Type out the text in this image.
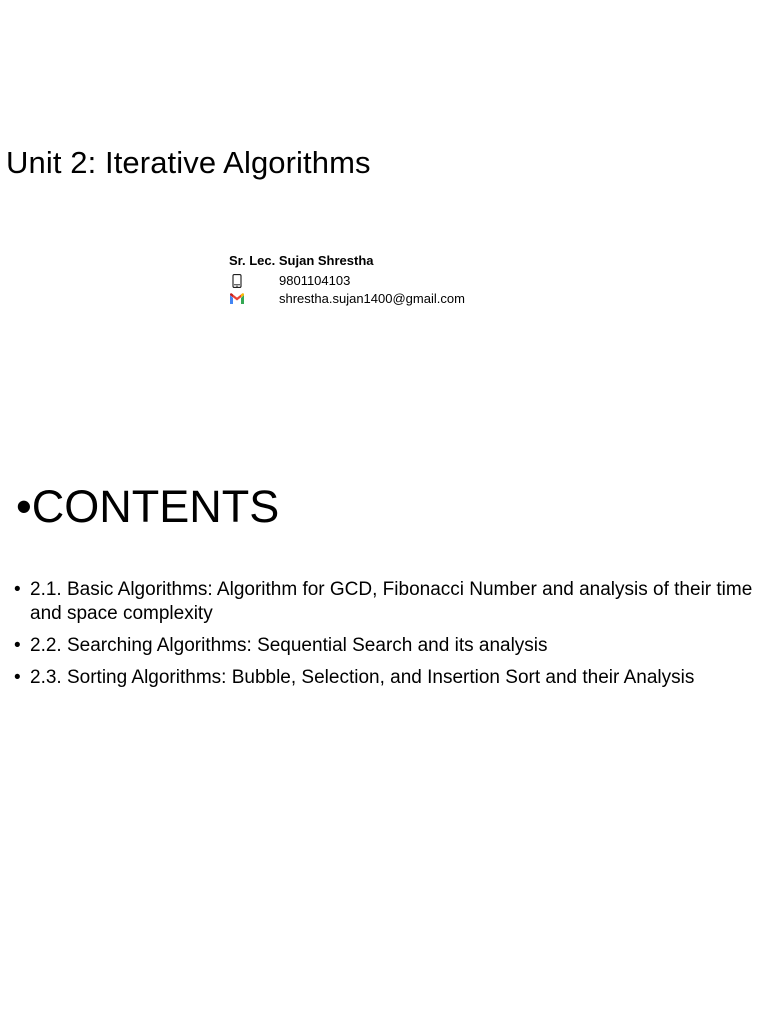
Unit 2: Iterative Algorithms
Sr. Lec. Sujan Shrestha
9801104103
shrestha.sujan1400@gmail.com
•CONTENTS
• 2.1. Basic Algorithms: Algorithm for GCD, Fibonacci Number and analysis of their time and space complexity
• 2.2. Searching Algorithms: Sequential Search and its analysis
• 2.3. Sorting Algorithms: Bubble, Selection, and Insertion Sort and their Analysis
